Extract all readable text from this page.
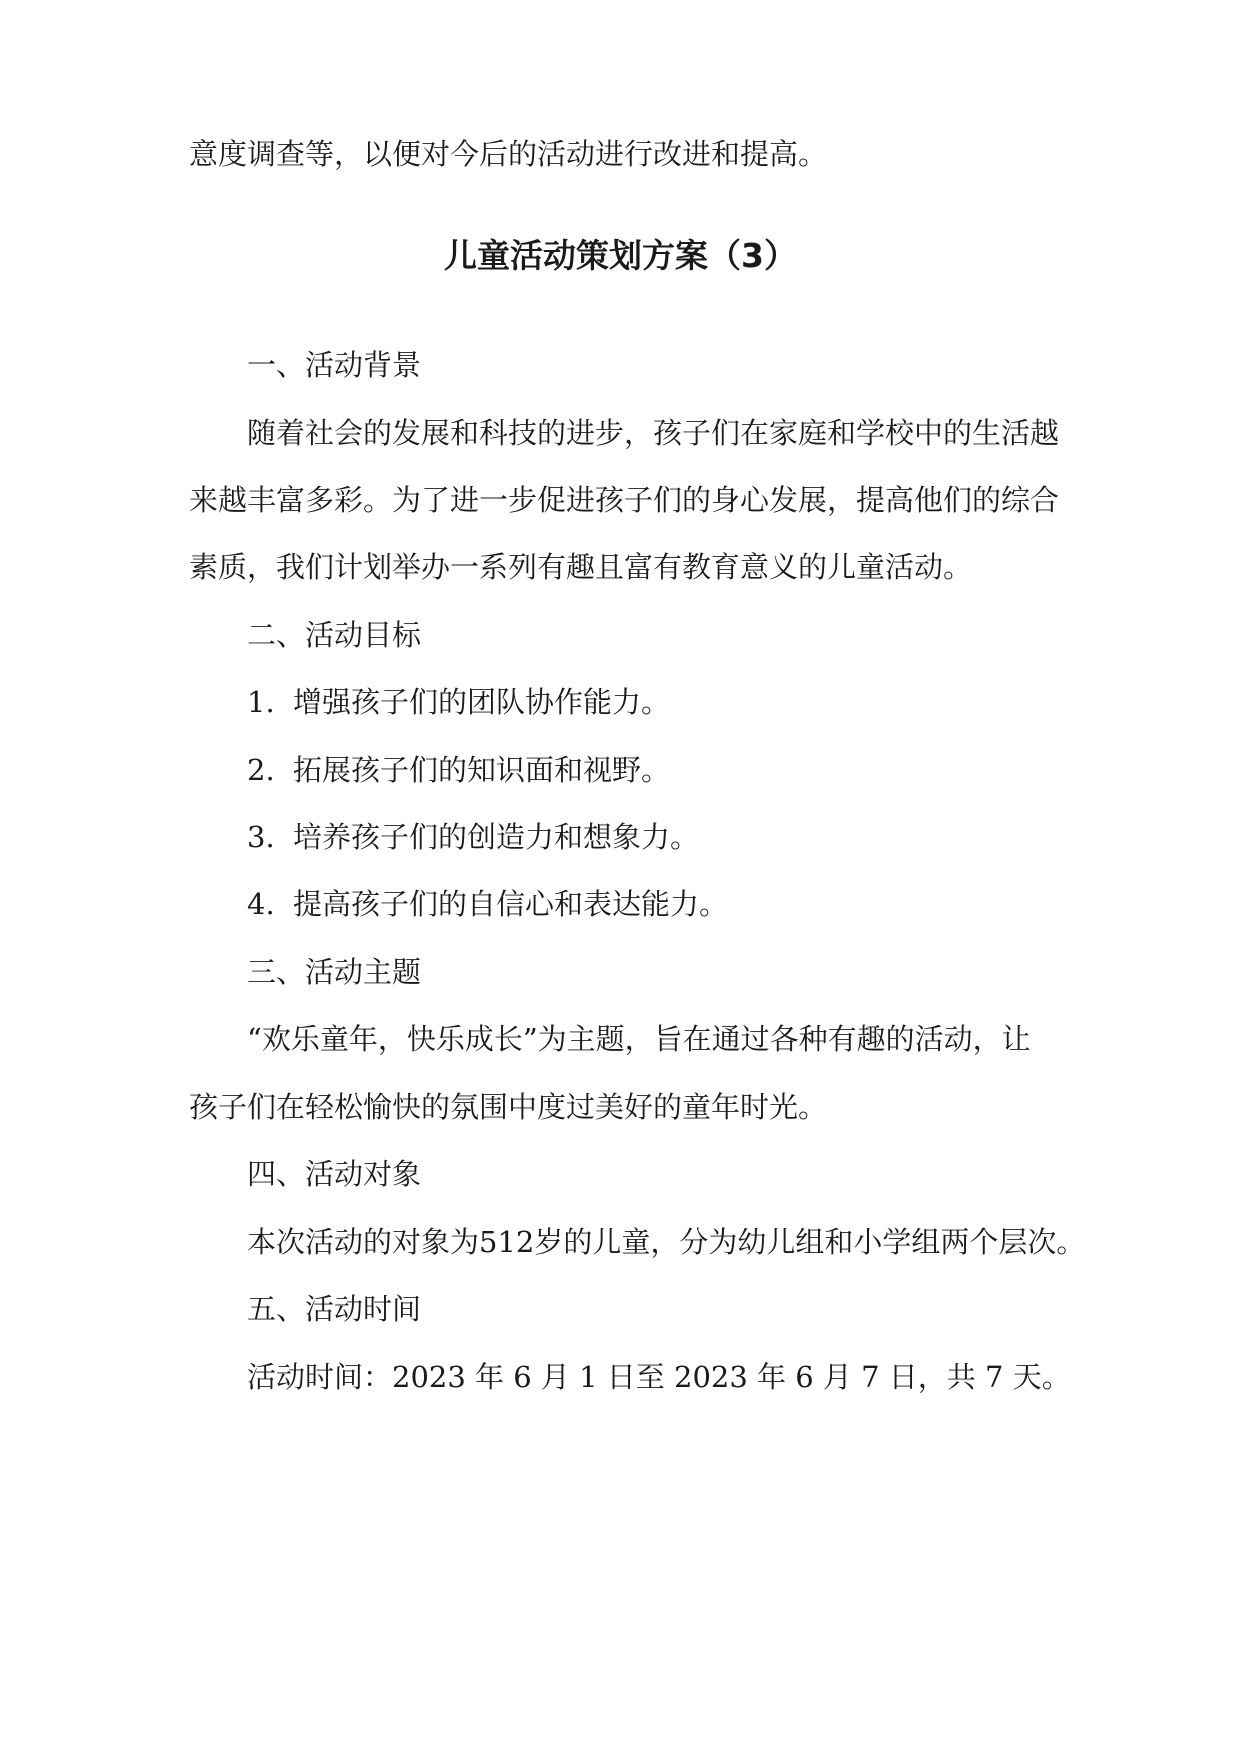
意度调查等，以便对今后的活动进行改进和提高。
儿童活动策划方案（3）
一、活动背景
随着社会的发展和科技的进步，孩子们在家庭和学校中的生活越
来越丰富多彩。为了进一步促进孩子们的身心发展，提高他们的综合
素质，我们计划举办一系列有趣且富有教育意义的儿童活动。
二、活动目标
1. 增强孩子们的团队协作能力。
2. 拓展孩子们的知识面和视野。
3. 培养孩子们的创造力和想象力。
4. 提高孩子们的自信心和表达能力。
三、活动主题
“欢乐童年，快乐成长”为主题，旨在通过各种有趣的活动，让
孩子们在轻松愉快的氛围中度过美好的童年时光。
四、活动对象
本次活动的对象为512岁的儿童，分为幼儿组和小学组两个层次。
五、活动时间
活动时间：2023 年 6 月 1 日至 2023 年 6 月 7 日，共 7 天。
